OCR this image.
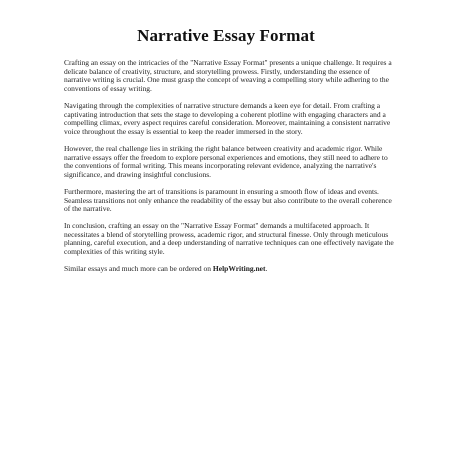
Narrative Essay Format

Crafting an essay on the intricacies of the "Narrative Essay Format" presents a unique challenge. It requires a delicate balance of creativity, structure, and storytelling prowess. Firstly, understanding the essence of narrative writing is crucial. One must grasp the concept of weaving a compelling story while adhering to the conventions of essay writing.

Navigating through the complexities of narrative structure demands a keen eye for detail. From crafting a captivating introduction that sets the stage to developing a coherent plotline with engaging characters and a compelling climax, every aspect requires careful consideration. Moreover, maintaining a consistent narrative voice throughout the essay is essential to keep the reader immersed in the story.

However, the real challenge lies in striking the right balance between creativity and academic rigor. While narrative essays offer the freedom to explore personal experiences and emotions, they still need to adhere to the conventions of formal writing. This means incorporating relevant evidence, analyzing the narrative's significance, and drawing insightful conclusions.

Furthermore, mastering the art of transitions is paramount in ensuring a smooth flow of ideas and events. Seamless transitions not only enhance the readability of the essay but also contribute to the overall coherence of the narrative.

In conclusion, crafting an essay on the "Narrative Essay Format" demands a multifaceted approach. It necessitates a blend of storytelling prowess, academic rigor, and structural finesse. Only through meticulous planning, careful execution, and a deep understanding of narrative techniques can one effectively navigate the complexities of this writing style.

Similar essays and much more can be ordered on HelpWriting.net.
